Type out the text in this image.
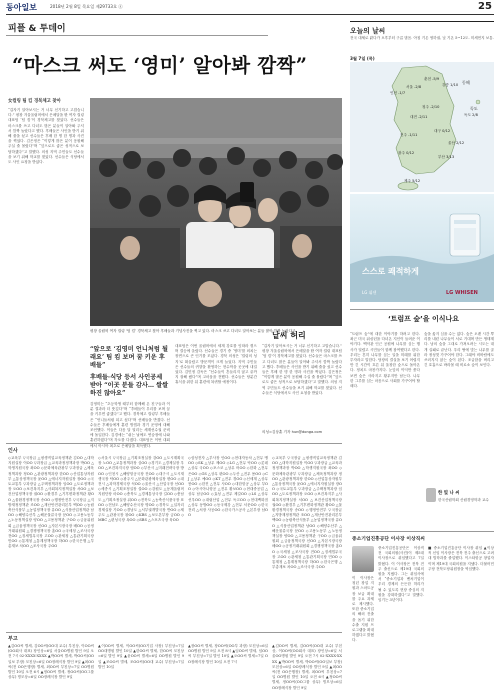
동아일보	2018년 2월 8일 목요일 제29733호 ⓐ	25
피플 & 투데이
“마스크 써도 ‘영미’ 알아봐 깜짝”
女컬링 팀 킴 경북체고 찾아
“갑자기 알아보시는 거 너무 신기하고 고맙습니다.” 평창 겨울올림픽에서 은메달을 딴 여자 컬링 대표팀 ‘팀 킴’이 경북체고를 찾았다. 선수들은 마스크를 쓰고 다녀도 많은 분들이 알아봐 주셔서 깜짝 놀랐다고 했다. 후배들은 사인을 받기 위해 줄을 섰고 선수들은 후배 한 명 한 명과 사진을 찍었다. 김은정은 “이렇게 많은 분이 응원해 주실 줄 몰랐다”며 “앞으로도 좋은 성적으로 보답하겠다”고 말했다. 의성 지역 주민들도 선수들을 보기 위해 학교를 찾았다. 선수들은 식당에서도 사인 요청을 받았다.
평창 올림픽 여자 컬링 ‘팀 킴’ 경북체고 찾아 후배들과 기념사진을 찍고 있다. 마스크 쓰고 다녀도 알아보는 분들 많아 깜짝 놀랐다고.
“앞으로 ‘김영미 언니처럼 될래요’ 팀 킴 보며 꿈 키운 후배들”
후배들·식당 등서 사인공세 받아 “이곳 분들 감사… 쌀쌀하진 않아요”
김영미는 “초등학생 때부터 함께해 온 친구들과 이룬 결과라 더 뜻깊다”며 “후배들이 우리를 보며 꿈을 키우면 좋겠다”고 했다. 경북체고 컬링부 후배들은 “언니들처럼 되고 싶다”며 선배들을 반겼다. 선수들은 후배들에게 훈련 방법과 경기 운영에 대해 조언했다. 이들은 다음 달 열리는 세계선수권 준비에 돌입한다. 김경애는 “쉬는 날에도 연습장에 나와 훈련하겠다”며 각오를 다졌다. 대표팀은 이번 대회에서 아시아 최초로 은메달을 획득했다.
대표팀은 이번 올림픽에서 세계 강호를 잇따라 꺾으며 결승에 올랐다. 선수들은 경기 중 ‘영미’를 외치는 장면으로 큰 인기를 모았다. 경북 의성은 ‘컬링의 성지’로 떠올랐고 방문객이 크게 늘었다. 지역 주민들은 선수들의 귀향을 환영하는 현수막을 곳곳에 내걸었다. 김민정 감독은 “선수들이 흔들리지 않고 끝까지 잘해 줬다”며 고마움을 전했다. 선수들은 당분간 휴식을 취한 뒤 훈련에 복귀할 예정이다.
“갑자기 알아보시는 거 너무 신기하고 고맙습니다.” 평창 겨울올림픽에서 은메달을 딴 여자 컬링 대표팀 ‘팀 킴’이 경북체고를 찾았다. 선수들은 마스크를 쓰고 다녀도 많은 분들이 알아봐 주셔서 깜짝 놀랐다고 했다. 후배들은 사인을 받기 위해 줄을 섰고 선수들은 후배 한 명 한 명과 사진을 찍었다. 김은정은 “이렇게 많은 분이 응원해 주실 줄 몰랐다”며 “앞으로도 좋은 성적으로 보답하겠다”고 말했다. 의성 지역 주민들도 선수들을 보기 위해 학교를 찾았다. 선수들은 식당에서도 사인 요청을 받았다.
의성=김상훈 기자 hun@donga.com
오늘의 날씨
전국 대체로 맑다가 오후부터 구름 많음. 아침 기온 영하권, 낮 기온 5~12도. 미세먼지 보통.
3월 7일 (목)
동해
독도
서울 -2/8
인천 -1/7
춘천 -5/9
강릉 1/10
대전 -2/11
청주 -2/10
전주 -1/11
광주 0/12
대구 0/12
부산 3/13
울산 2/12
제주 5/12
독도 2/8
스스로 쾌적하게
LG WHISEN
LG 휘센
‘트럼프 숲’을 이식나요
인사
◇교육부 ▽국장급 △평생직업교육정책관 김OO △대학지원실장 이OO ▽과장급 △교육과정정책과장 박OO △학생지원국장 최OO ◇문화체육관광부 ▽과장급 △체육정책과장 정OO △관광정책과장 한OO ◇산업통상자원부 △통상정책국장 윤OO △에너지자원실장 장OO ◇국토교통부 ▽과장급 △주택정책과장 임OO △도로정책과장 오OO ◇보건복지부 △사회복지정책실장 서OO △보건산업정책국장 권OO ◇환경부 △기후변화정책관 황OO △물환경정책국장 송OO ◇행정안전부 ▽국장급 △지방재정정책관 조OO △재난안전관리본부 백OO ◇농림축산식품부 △농업정책국장 유OO △식품산업정책관 남OO ◇해양수산부 △해운물류국장 문OO ◇고용노동부 △노동정책실장 양OO △고용정책관 구OO ◇금융위원회 △금융정책국장 신OO △자본시장국장 배OO ◇공정거래위원회 △경쟁정책국장 홍OO ◇국세청 △조사국장 전OO △징세법무국장 고OO ◇관세청 △통관기획국장 민OO ◇통계청 △통계정책국장 하OO ◇한국은행 △부총재보 차OO △조사국장 주OO
◇서울시 ▽국장급 △기획조정실장 강OO △도시계획국장 노OO △교통정책과장 심OO ◇경기도 △경제실장 우OO △보건복지국장 염OO ◇부산시 △미래전략국장 방OO ◇인천시 △해양항공국장 진OO ◇대구시 △도시재생국장 탁OO ◇광주시 △문화관광체육실장 변OO ◇대전시 △과학경제국장 석OO ◇울산시 △산업국장 선OO ◇세종시 △기획조정실장 설OO ◇강원도 △동계올림픽지원단장 마OO ◇충북도 △경제통상국장 길OO ◇충남도 △기획조정실장 위OO ◇전북도 △농축산식품국장 표OO ◇전남도 △해양수산국장 명OO ◇경북도 △일자리경제실장 기OO ◇경남도 △서부권개발국장 반OO ◇제주도 △관광국장 왕OO ◇KBS △보도본부장 금OO ◇MBC △편성국장 옥OO ◇SBS △스포츠국장 육OO
◇삼성전자 △부사장 인OO ◇현대자동차 △전무 맹OO ◇SK △상무 제OO ◇LG △전무 탁OO ◇롯데 △상무 국OO ◇포스코 △상무 어OO ◇한화 △전무 은OO ◇GS △상무 편OO ◇두산 △전무 용OO ◇CJ △상무 예OO ◇KT △전무 경OO ◇신세계 △상무 봉OO ◇한진 △전무 사OO ◇대한항공 △상무 부OO ◇아시아나항공 △전무 황보OO ◇현대중공업 △상무 남궁OO ◇효성 △전무 제갈OO ◇LS △상무 선우OO ◇대림산업 △전무 독고OO ◇현대백화점 △상무 동방OO ◇동국제강 △전무 서문OO ◇한국전력 △처장 사공OO ◇한국가스공사 △본부장 남OO
◇교육부 ▽국장급 △평생직업교육정책관 김OO △대학지원실장 이OO ▽과장급 △교육과정정책과장 박OO △학생지원국장 최OO ◇문화체육관광부 ▽과장급 △체육정책과장 정OO △관광정책과장 한OO ◇산업통상자원부 △통상정책국장 윤OO △에너지자원실장 장OO ◇국토교통부 ▽과장급 △주택정책과장 임OO △도로정책과장 오OO ◇보건복지부 △사회복지정책실장 서OO △보건산업정책국장 권OO ◇환경부 △기후변화정책관 황OO △물환경정책국장 송OO ◇행정안전부 ▽국장급 △지방재정정책관 조OO △재난안전관리본부 백OO ◇농림축산식품부 △농업정책국장 유OO △식품산업정책관 남OO ◇해양수산부 △해운물류국장 문OO ◇고용노동부 △노동정책실장 양OO △고용정책관 구OO ◇금융위원회 △금융정책국장 신OO △자본시장국장 배OO ◇공정거래위원회 △경쟁정책국장 홍OO ◇국세청 △조사국장 전OO △징세법무국장 고OO ◇관세청 △통관기획국장 민OO ◇통계청 △통계정책국장 하OO ◇한국은행 △부총재보 차OO △조사국장 주OO
부고
▲김OO씨 별세, 김OO씨(OO대 교수) 부친상, 이OO씨(OO회사 대표) 장인상=6일 서울OO병원 발인 9일 오전 7시 02-XXXX-XXXX ▲박OO씨 별세, 박OO씨(OO일보 부장) 모친상=6일 OO장례식장 발인 9일 ▲최OO씨(전 OO은행장) 별세, 최OO씨 부친상=7일 OO병원 발인 10일 오전 6시 ▲정OO씨 별세, 정OO씨(OO그룹 상무) 빙모상=6일 OO장례식장 발인 9일
▲이OO씨 별세, 이OO씨(OO기업 사장) 부친상=7일 OO대병원 발인 10일 ▲한OO씨 별세, 한OO씨 모친상=6일 발인 9일 ▲윤OO씨 별세=6일 OO병원 발인 9일 ▲조OO씨 별세, 조OO씨(OO대 교수) 부친상=7일 발인 10일
▲장OO씨 별세, 장OO씨(OO부 과장) 모친상=6일 OO병원 발인 9일 오전 8시 ▲임OO씨 별세, 임OO씨 부친상=7일 발인 10일 ▲오OO씨 별세=7일 OO장례식장 발인 10일 오전 7시
▲김OO씨 별세, 김OO씨(OO대 교수) 부친상, 이OO씨(OO회사 대표) 장인상=6일 서울OO병원 발인 9일 오전 7시 02-XXXX-XXXX ▲박OO씨 별세, 박OO씨(OO일보 부장) 모친상=6일 OO장례식장 발인 9일 ▲최OO씨(전 OO은행장) 별세, 최OO씨 부친상=7일 OO병원 발인 10일 오전 6시 ▲정OO씨 별세, 정OO씨(OO그룹 상무) 빙모상=6일 OO장례식장 발인 9일
낱씨 허리	“트럼프 숲”에 대한 이야기를 하려고 한다. 최근 미국 워싱턴을 다녀온 지인이 들려준 이야기다. 백악관 인근 공원에 나무를 심는 행사가 열렸고 시민들이 함께 참여했다고 한다. 우리는 흔히 나무를 심는 일을 미래를 위한 투자라고 말한다. 당장의 결실을 보기 어렵지만 긴 시간이 흐른 뒤 울창한 숲으로 돌아온다. 정치도 마찬가지다. 눈앞의 이익만 좇다 보면 숲은 사라지고 황무지만 남는다. 나무 한 그루를 심는 마음으로 사회를 가꾸어야 할 때다.
숲을 옮겨 심을 수는 없다. 숲은 오랜 시간 뿌리를 내린 나무들이 서로 기대며 만든 생태계다. 남의 숲을 그대로 가져오려는 시도는 대개 실패로 끝난다. 우리 땅에 맞는 나무를 골라 정성껏 가꾸어야 한다. 그래야 비바람에도 쓰러지지 않는 숲이 된다. 조급함을 버리고 긴 호흡으로 바라볼 때 비로소 숲이 보인다.
한 빛 나 씨
한국산림학회 산림경영학과 교수
중소기업진흥공단 이사장 이상직씨
중소기업진흥공단은 이상직 전 국회의원(사진)이 제5대 이사장으로 취임했다고 7일 밝혔다. 이 이사장은 전북 전주 출신으로 제19대 국회의원을 지냈다. 그는 취임사에서 “중소기업과 벤처기업이 우리 경제의 든든한 허리가 될 수 있도록 현장 중심의 지원을 강화하겠다”고 말했다. 임기는 3년이다.
■ 중소기업진흥공단 이사장 취임 ▲이상직 신임 이사장은 전북 전주 출신으로 고려대 법학과를 졸업했다. 이스타항공 창업자이며 제19대 국회의원을 지냈다. 더불어민주당 전북도당위원장을 역임했다.
이 이사장은 청년 창업 지원과 스마트공장 보급 확대를 주요 과제로 제시했다. 또한 중소기업의 해외 진출을 돕기 위한 수출 지원 프로그램을 확대하겠다고 밝혔다.
